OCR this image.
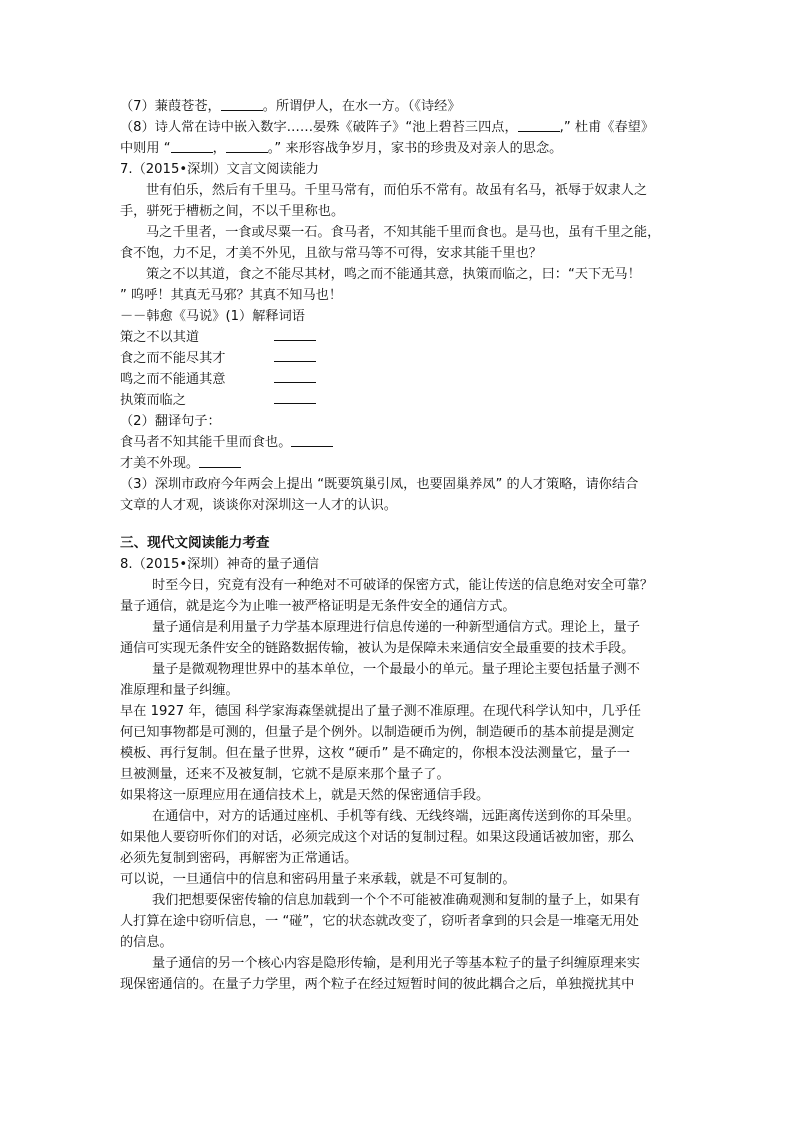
（7）蒹葭苍苍，	。所谓伊人，在水一方。（《诗经》
（8）诗人常在诗中嵌入数字……晏殊《破阵子》“池上碧苔三四点，	,” 杜甫《春望》
中则用 “	，	。” 来形容战争岁月，家书的珍贵及对亲人的思念。
7.（2015•深圳）文言文阅读能力
世有伯乐，然后有千里马。千里马常有，而伯乐不常有。故虽有名马，祇辱于奴隶人之
手，骈死于槽枥之间，不以千里称也。
马之千里者，一食或尽粟一石。食马者，不知其能千里而食也。是马也，虽有千里之能，
食不饱，力不足，才美不外见，且欲与常马等不可得，安求其能千里也？
策之不以其道，食之不能尽其材，鸣之而不能通其意，执策而临之，曰：“天下无马！
” 呜呼！其真无马邪？其真不知马也！
－－韩愈《马说》(1）解释词语
策之不以其道
食之而不能尽其才
鸣之而不能通其意
执策而临之
（2）翻译句子：
食马者不知其能千里而食也。
才美不外现。
（3）深圳市政府今年两会上提出 “既要筑巢引凤，也要固巢养凤” 的人才策略，请你结合
文章的人才观，谈谈你对深圳这一人才的认识。
三、现代文阅读能力考查
8.（2015•深圳）神奇的量子通信
时至今日，究竟有没有一种绝对不可破译的保密方式，能让传送的信息绝对安全可靠？
量子通信，就是迄今为止唯一被严格证明是无条件安全的通信方式。
量子通信是利用量子力学基本原理进行信息传递的一种新型通信方式。理论上，量子
通信可实现无条件安全的链路数据传输，被认为是保障未来通信安全最重要的技术手段。
量子是微观物理世界中的基本单位，一个最最小的单元。量子理论主要包括量子测不
准原理和量子纠缠。
早在 1927 年，德国 科学家海森堡就提出了量子测不准原理。在现代科学认知中，几乎任
何已知事物都是可测的，但量子是个例外。以制造硬币为例，制造硬币的基本前提是测定
模板、再行复制。但在量子世界，这枚 “硬币” 是不确定的，你根本没法测量它，量子一
旦被测量，还来不及被复制，它就不是原来那个量子了。
如果将这一原理应用在通信技术上，就是天然的保密通信手段。
在通信中，对方的话通过座机、手机等有线、无线终端，远距离传送到你的耳朵里。
如果他人要窃听你们的对话，必须完成这个对话的复制过程。如果这段通话被加密，那么
必须先复制到密码，再解密为正常通话。
可以说，一旦通信中的信息和密码用量子来承载，就是不可复制的。
我们把想要保密传输的信息加载到一个个不可能被准确观测和复制的量子上，如果有
人打算在途中窃听信息，一 “碰”，它的状态就改变了，窃听者拿到的只会是一堆毫无用处
的信息。
量子通信的另一个核心内容是隐形传输，是利用光子等基本粒子的量子纠缠原理来实
现保密通信的。在量子力学里，两个粒子在经过短暂时间的彼此耦合之后，单独搅扰其中
